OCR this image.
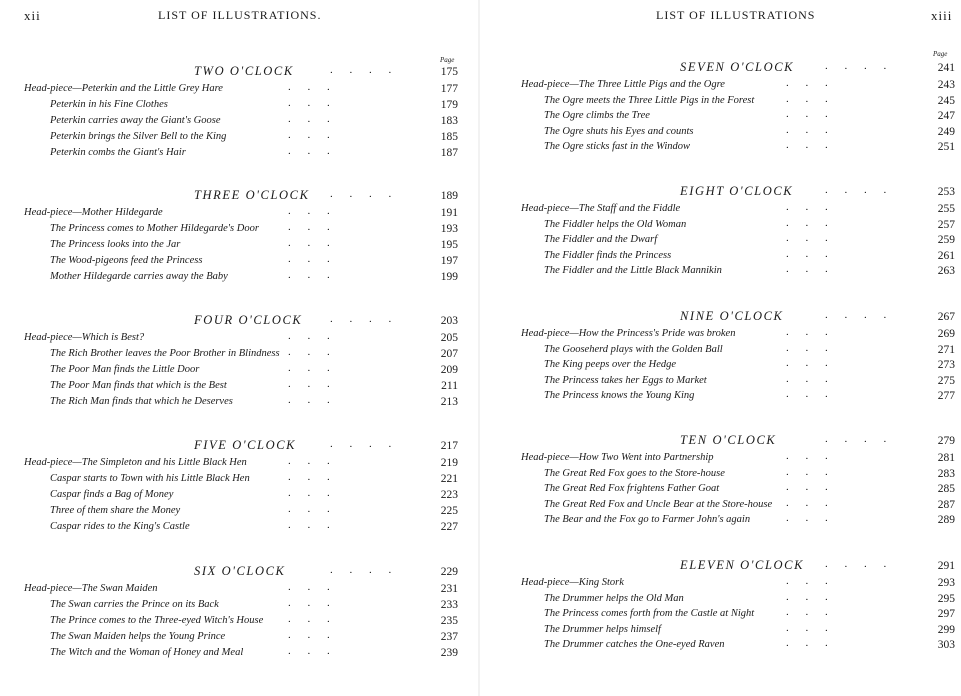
xii	LIST OF ILLUSTRATIONS.
Page
TWO O'CLOCK	. . . .	175
Head-piece—Peterkin and the Little Grey Hare	. . .	177
Peterkin in his Fine Clothes	. . .	179
Peterkin carries away the Giant's Goose	. . .	183
Peterkin brings the Silver Bell to the King	. . .	185
Peterkin combs the Giant's Hair	. . .	187
THREE O'CLOCK . . . .	189
Head-piece—Mother Hildegarde	. . .	191
The Princess comes to Mother Hildegarde's Door	. . .	193
The Princess looks into the Jar	. . .	195
The Wood-pigeons feed the Princess	. . .	197
Mother Hildegarde carries away the Baby	. . .	199
FOUR O'CLOCK	. . . .	203
Head-piece—Which is Best?	. . .	205
The Rich Brother leaves the Poor Brother in Blindness . . .	207
The Poor Man finds the Little Door	. . .	209
The Poor Man finds that which is the Best	. . .	211
The Rich Man finds that which he Deserves	. . .	213
FIVE O'CLOCK	. . . .	217
Head-piece—The Simpleton and his Little Black Hen	. . .	219
Caspar starts to Town with his Little Black Hen	. . .	221
Caspar finds a Bag of Money	. . .	223
Three of them share the Money	. . .	225
Caspar rides to the King's Castle	. . .	227
SIX O'CLOCK	. . . .	229
Head-piece—The Swan Maiden	. . .	231
The Swan carries the Prince on its Back	. . .	233
The Prince comes to the Three-eyed Witch's House . . .	235
The Swan Maiden helps the Young Prince	. . .	237
The Witch and the Woman of Honey and Meal	. . .	239
LIST OF ILLUSTRATIONS	xiii
Page
SEVEN O'CLOCK	. . . .	241
Head-piece—The Three Little Pigs and the Ogre	. . .	243
The Ogre meets the Three Little Pigs in the Forest	. . .	245
The Ogre climbs the Tree	. . .	247
The Ogre shuts his Eyes and counts	. . .	249
The Ogre sticks fast in the Window	. . .	251
EIGHT O'CLOCK	. . . .	253
Head-piece—The Staff and the Fiddle	. . .	255
The Fiddler helps the Old Woman	. . .	257
The Fiddler and the Dwarf	. . .	259
The Fiddler finds the Princess	. . .	261
The Fiddler and the Little Black Mannikin	. . .	263
NINE O'CLOCK	. . . .	267
Head-piece—How the Princess's Pride was broken	. . .	269
The Gooseherd plays with the Golden Ball	. . .	271
The King peeps over the Hedge	. . .	273
The Princess takes her Eggs to Market	. . .	275
The Princess knows the Young King	. . .	277
TEN O'CLOCK	. . . .	279
Head-piece—How Two Went into Partnership	. . .	281
The Great Red Fox goes to the Store-house	. . .	283
The Great Red Fox frightens Father Goat	. . .	285
The Great Red Fox and Uncle Bear at the Store-house . . .	287
The Bear and the Fox go to Farmer John's again	. . .	289
ELEVEN O'CLOCK . . . .	291
Head-piece—King Stork	. . .	293
The Drummer helps the Old Man	. . .	295
The Princess comes forth from the Castle at Night	. . .	297
The Drummer helps himself	. . .	299
The Drummer catches the One-eyed Raven	. . .	303
